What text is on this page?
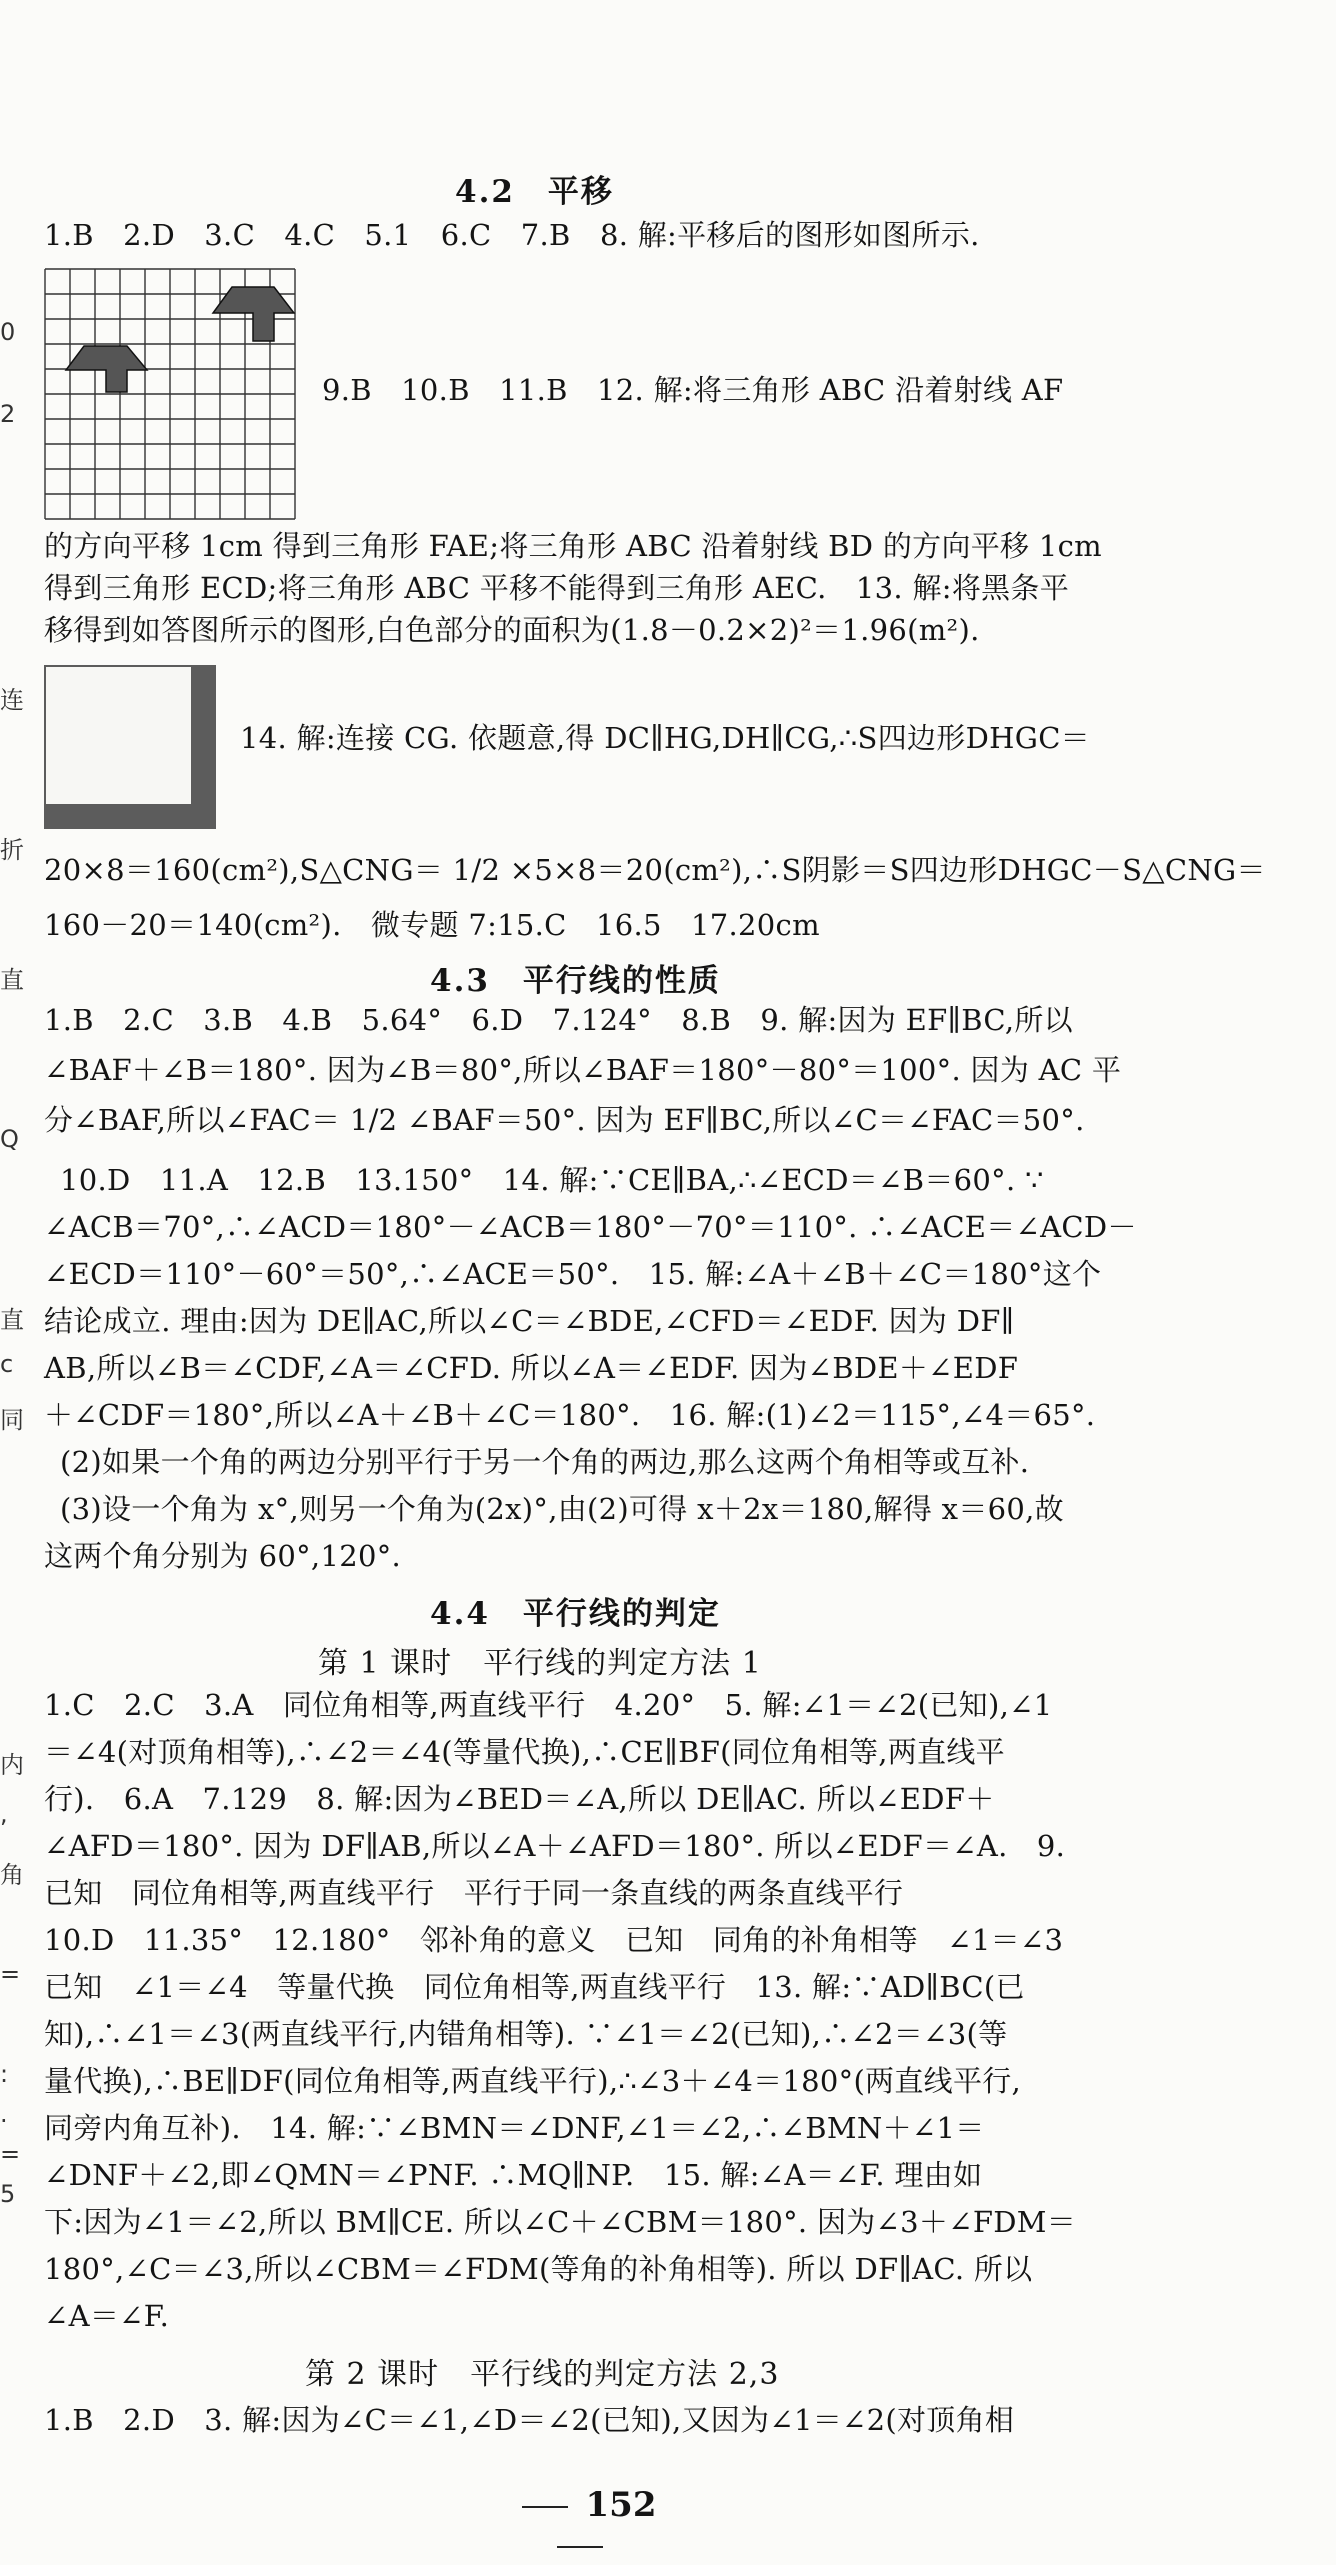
0
2
连
折
直
Q
直
c
同
内
,
角
=
:
.
=
5
4.2　平移
1.B　2.D　3.C　4.C　5.1　6.C　7.B　8. 解:平移后的图形如图所示.
9.B　10.B　11.B　12. 解:将三角形 ABC 沿着射线 AF
的方向平移 1cm 得到三角形 FAE;将三角形 ABC 沿着射线 BD 的方向平移 1cm
得到三角形 ECD;将三角形 ABC 平移不能得到三角形 AEC.　13. 解:将黑条平
移得到如答图所示的图形,白色部分的面积为(1.8－0.2×2)²＝1.96(m²).
14. 解:连接 CG. 依题意,得 DC∥HG,DH∥CG,∴S四边形DHGC＝
20×8＝160(cm²),S△CNG＝ 1/2 ×5×8＝20(cm²),∴S阴影＝S四边形DHGC－S△CNG＝
160－20＝140(cm²).　微专题 7:15.C　16.5　17.20cm
4.3　平行线的性质
1.B　2.C　3.B　4.B　5.64°　6.D　7.124°　8.B　9. 解:因为 EF∥BC,所以
∠BAF＋∠B＝180°. 因为∠B＝80°,所以∠BAF＝180°－80°＝100°. 因为 AC 平
分∠BAF,所以∠FAC＝ 1/2 ∠BAF＝50°. 因为 EF∥BC,所以∠C＝∠FAC＝50°.
10.D　11.A　12.B　13.150°　14. 解:∵CE∥BA,∴∠ECD＝∠B＝60°. ∵
∠ACB＝70°,∴∠ACD＝180°－∠ACB＝180°－70°＝110°. ∴∠ACE＝∠ACD－
∠ECD＝110°－60°＝50°,∴∠ACE＝50°.　15. 解:∠A＋∠B＋∠C＝180°这个
结论成立. 理由:因为 DE∥AC,所以∠C＝∠BDE,∠CFD＝∠EDF. 因为 DF∥
AB,所以∠B＝∠CDF,∠A＝∠CFD. 所以∠A＝∠EDF. 因为∠BDE＋∠EDF
＋∠CDF＝180°,所以∠A＋∠B＋∠C＝180°.　16. 解:(1)∠2＝115°,∠4＝65°.
(2)如果一个角的两边分别平行于另一个角的两边,那么这两个角相等或互补.
(3)设一个角为 x°,则另一个角为(2x)°,由(2)可得 x＋2x＝180,解得 x＝60,故
这两个角分别为 60°,120°.
4.4　平行线的判定
第 1 课时　平行线的判定方法 1
1.C　2.C　3.A　同位角相等,两直线平行　4.20°　5. 解:∠1＝∠2(已知),∠1
＝∠4(对顶角相等),∴∠2＝∠4(等量代换),∴CE∥BF(同位角相等,两直线平
行).　6.A　7.129　8. 解:因为∠BED＝∠A,所以 DE∥AC. 所以∠EDF＋
∠AFD＝180°. 因为 DF∥AB,所以∠A＋∠AFD＝180°. 所以∠EDF＝∠A.　9.
已知　同位角相等,两直线平行　平行于同一条直线的两条直线平行
10.D　11.35°　12.180°　邻补角的意义　已知　同角的补角相等　∠1＝∠3
已知　∠1＝∠4　等量代换　同位角相等,两直线平行　13. 解:∵AD∥BC(已
知),∴∠1＝∠3(两直线平行,内错角相等). ∵∠1＝∠2(已知),∴∠2＝∠3(等
量代换),∴BE∥DF(同位角相等,两直线平行),∴∠3＋∠4＝180°(两直线平行,
同旁内角互补).　14. 解:∵∠BMN＝∠DNF,∠1＝∠2,∴∠BMN＋∠1＝
∠DNF＋∠2,即∠QMN＝∠PNF. ∴MQ∥NP.　15. 解:∠A＝∠F. 理由如
下:因为∠1＝∠2,所以 BM∥CE. 所以∠C＋∠CBM＝180°. 因为∠3＋∠FDM＝
180°,∠C＝∠3,所以∠CBM＝∠FDM(等角的补角相等). 所以 DF∥AC. 所以
∠A＝∠F.
第 2 课时　平行线的判定方法 2,3
1.B　2.D　3. 解:因为∠C＝∠1,∠D＝∠2(已知),又因为∠1＝∠2(对顶角相
152
